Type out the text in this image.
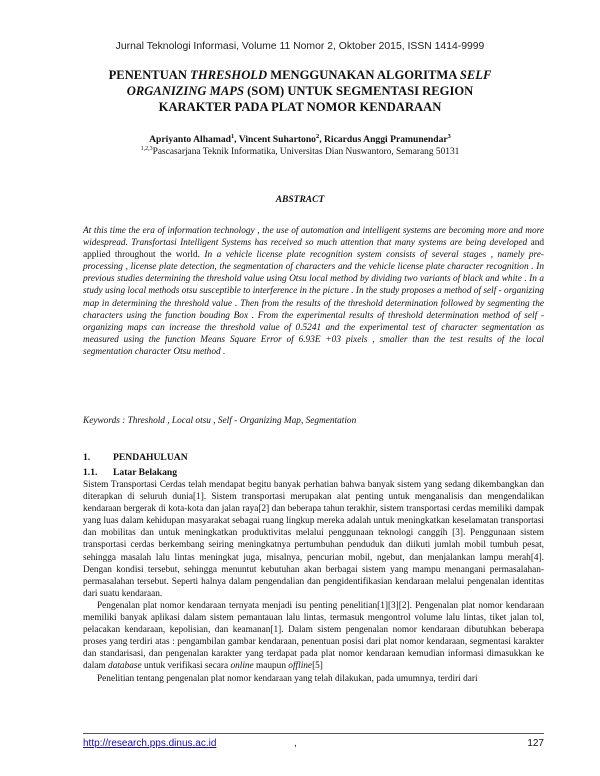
Jurnal Teknologi Informasi, Volume 11 Nomor 2, Oktober 2015, ISSN 1414-9999
PENENTUAN THRESHOLD MENGGUNAKAN ALGORITMA SELF
ORGANIZING MAPS (SOM) UNTUK SEGMENTASI REGION
KARAKTER PADA PLAT NOMOR KENDARAAN
Apriyanto Alhamad$^1$, Vincent Suhartono$^2$, Ricardus Anggi Pramunendar$^3$
$^{1,2,3}$Pascasarjana Teknik Informatika, Universitas Dian Nuswantoro, Semarang 50131
ABSTRACT

At this time the era of information technology , the use of automation and intelligent systems are becoming more and more widespread. Transfortasi Intelligent Systems has received so much attention that many systems are being developed and applied throughout the world. In a vehicle license plate recognition system consists of several stages , namely pre-processing , license plate detection, the segmentation of characters and the vehicle license plate character recognition . In previous studies determining the threshold value using Otsu local method by dividing two variants of black and white . In a study using local methods otsu susceptible to interference in the picture . In the study proposes a method of self - organizing map in determining the threshold value . Then from the results of the threshold determination followed by segmenting the characters using the function bouding Box . From the experimental results of threshold determination method of self - organizing maps can increase the threshold value of 0.5241 and the experimental test of character segmentation as measured using the function Means Square Error of 6.93E +03 pixels , smaller than the test results of the local segmentation character Otsu method .

Keywords : Threshold , Local otsu , Self - Organizing Map, Segmentation
1. PENDAHULUAN
1.1. Latar Belakang

Sistem Transportasi Cerdas telah mendapat begitu banyak perhatian bahwa banyak sistem yang sedang dikembangkan dan diterapkan di seluruh dunia[1]. Sistem transportasi merupakan alat penting untuk menganalisis dan mengendalikan kendaraan bergerak di kota-kota dan jalan raya[2] dan beberapa tahun terakhir, sistem transportasi cerdas memiliki dampak yang luas dalam kehidupan masyarakat sebagai ruang lingkup mereka adalah untuk meningkatkan keselamatan transportasi dan mobilitas dan untuk meningkatkan produktivitas melalui penggunaan teknologi canggih [3]. Penggunaan sistem transportasi cerdas berkembang seiring meningkatnya pertumbuhan penduduk dan diikuti jumlah mobil tumbuh pesat, sehingga masalah lalu lintas meningkat juga, misalnya, pencurian mobil, ngebut, dan menjalankan lampu merah[4]. Dengan kondisi tersebut, sehingga menuntut kebutuhan akan berbagai sistem yang mampu menangani permasalahan-permasalahan tersebut. Seperti halnya dalam pengendalian dan pengidentifikasian kendaraan melalui pengenalan identitas dari suatu kendaraan.

Pengenalan plat nomor kendaraan ternyata menjadi isu penting penelitian[1][3][2]. Pengenalan plat nomor kendaraan memiliki banyak aplikasi dalam sistem pemantauan lalu lintas, termasuk mengontrol volume lalu lintas, tiket jalan tol, pelacakan kendaraan, kepolisian, dan keamanan[1]. Dalam sistem pengenalan nomor kendaraan dibutuhkan beberapa proses yang terdiri atas : pengambilan gambar kendaraan, penentuan posisi dari plat nomor kendaraan, segmentasi karakter dan standarisasi, dan pengenalan karakter yang terdapat pada plat nomor kendaraan kemudian informasi dimasukkan ke dalam database untuk verifikasi secara online maupun offline[5]

Penelitian tentang pengenalan plat nomor kendaraan yang telah dilakukan, pada umumnya, terdiri dari

http://research.pps.dinus.ac.id	,	127
